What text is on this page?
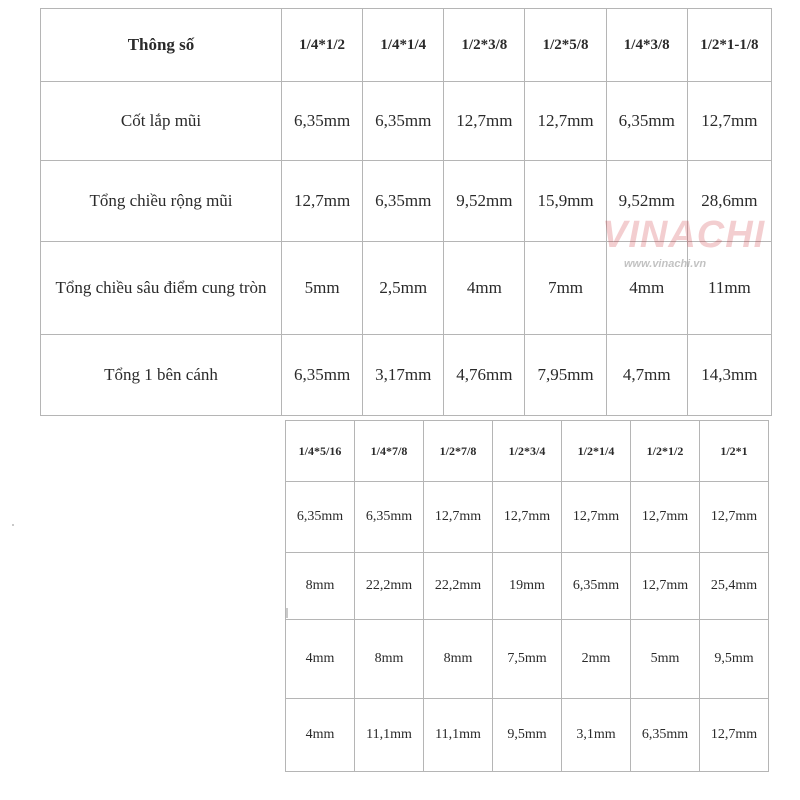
Thông số	1/4*1/2	1/4*1/4	1/2*3/8	1/2*5/8	1/4*3/8	1/2*1-1/8
Cốt lắp mũi	6,35mm	6,35mm	12,7mm	12,7mm	6,35mm	12,7mm
Tổng chiều rộng mũi	12,7mm	6,35mm	9,52mm	15,9mm	9,52mm	28,6mm
Tổng chiều sâu điểm cung tròn	5mm	2,5mm	4mm	7mm	4mm	11mm
Tổng 1 bên cánh	6,35mm	3,17mm	4,76mm	7,95mm	4,7mm	14,3mm
VINACHI
www.vinachi.vn
1/4*5/16	1/4*7/8	1/2*7/8	1/2*3/4	1/2*1/4	1/2*1/2	1/2*1
6,35mm	6,35mm	12,7mm	12,7mm	12,7mm	12,7mm	12,7mm
8mm	22,2mm	22,2mm	19mm	6,35mm	12,7mm	25,4mm
4mm	8mm	8mm	7,5mm	2mm	5mm	9,5mm
4mm	11,1mm	11,1mm	9,5mm	3,1mm	6,35mm	12,7mm
